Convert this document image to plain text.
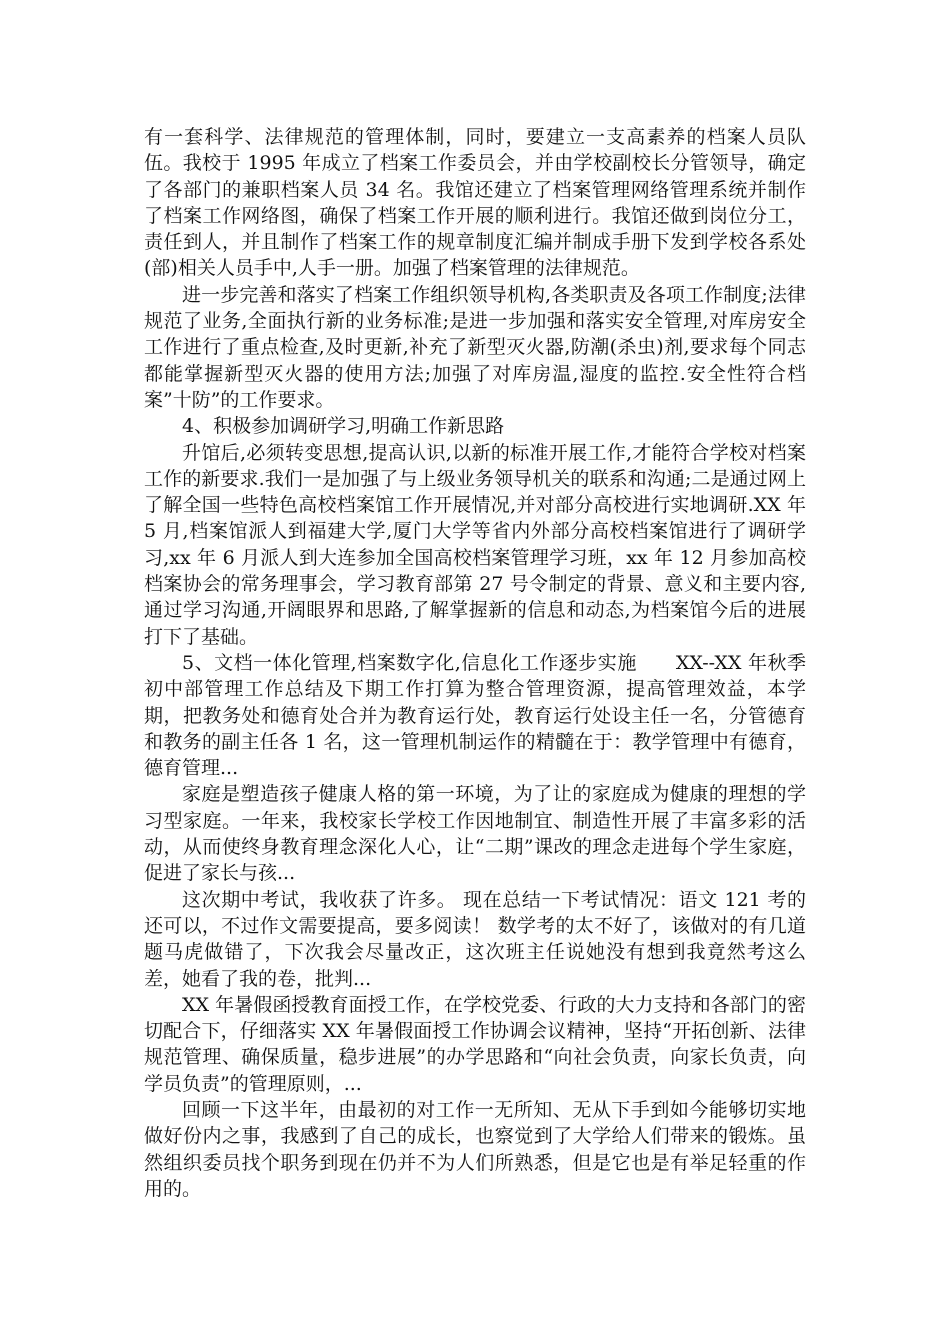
有一套科学、法律规范的管理体制，同时，要建立一支高素养的档案人员队伍。我校于 1995 年成立了档案工作委员会，并由学校副校长分管领导，确定了各部门的兼职档案人员 34 名。我馆还建立了档案管理网络管理系统并制作了档案工作网络图，确保了档案工作开展的顺利进行。我馆还做到岗位分工，责任到人，并且制作了档案工作的规章制度汇编并制成手册下发到学校各系处(部)相关人员手中,人手一册。加强了档案管理的法律规范。

进一步完善和落实了档案工作组织领导机构,各类职责及各项工作制度;法律规范了业务,全面执行新的业务标准;是进一步加强和落实安全管理,对库房安全工作进行了重点检查,及时更新,补充了新型灭火器,防潮(杀虫)剂,要求每个同志都能掌握新型灭火器的使用方法;加强了对库房温,湿度的监控.安全性符合档案”十防”的工作要求。

4、积极参加调研学习,明确工作新思路

升馆后,必须转变思想,提高认识,以新的标准开展工作,才能符合学校对档案工作的新要求.我们一是加强了与上级业务领导机关的联系和沟通;二是通过网上了解全国一些特色高校档案馆工作开展情况,并对部分高校进行实地调研.XX 年 5 月,档案馆派人到福建大学,厦门大学等省内外部分高校档案馆进行了调研学习,xx 年 6 月派人到大连参加全国高校档案管理学习班，xx 年 12 月参加高校档案协会的常务理事会，学习教育部第 27 号令制定的背景、意义和主要内容,通过学习沟通,开阔眼界和思路,了解掌握新的信息和动态,为档案馆今后的进展打下了基础。

5、文档一体化管理,档案数字化,信息化工作逐步实施　　XX--XX 年秋季初中部管理工作总结及下期工作打算为整合管理资源，提高管理效益，本学期，把教务处和德育处合并为教育运行处，教育运行处设主任一名，分管德育和教务的副主任各 1 名，这一管理机制运作的精髓在于：教学管理中有德育，德育管理...

家庭是塑造孩子健康人格的第一环境，为了让的家庭成为健康的理想的学习型家庭。一年来，我校家长学校工作因地制宜、制造性开展了丰富多彩的活动，从而使终身教育理念深化人心，让“二期”课改的理念走进每个学生家庭，促进了家长与孩...

这次期中考试，我收获了许多。 现在总结一下考试情况：语文 121 考的还可以，不过作文需要提高，要多阅读！ 数学考的太不好了，该做对的有几道题马虎做错了，下次我会尽量改正，这次班主任说她没有想到我竟然考这么差，她看了我的卷，批判...

XX 年暑假函授教育面授工作，在学校党委、行政的大力支持和各部门的密切配合下，仔细落实 XX 年暑假面授工作协调会议精神，坚持“开拓创新、法律规范管理、确保质量，稳步进展”的办学思路和“向社会负责，向家长负责，向学员负责”的管理原则，...

回顾一下这半年，由最初的对工作一无所知、无从下手到如今能够切实地做好份内之事，我感到了自己的成长，也察觉到了大学给人们带来的锻炼。虽然组织委员找个职务到现在仍并不为人们所熟悉，但是它也是有举足轻重的作用的。
